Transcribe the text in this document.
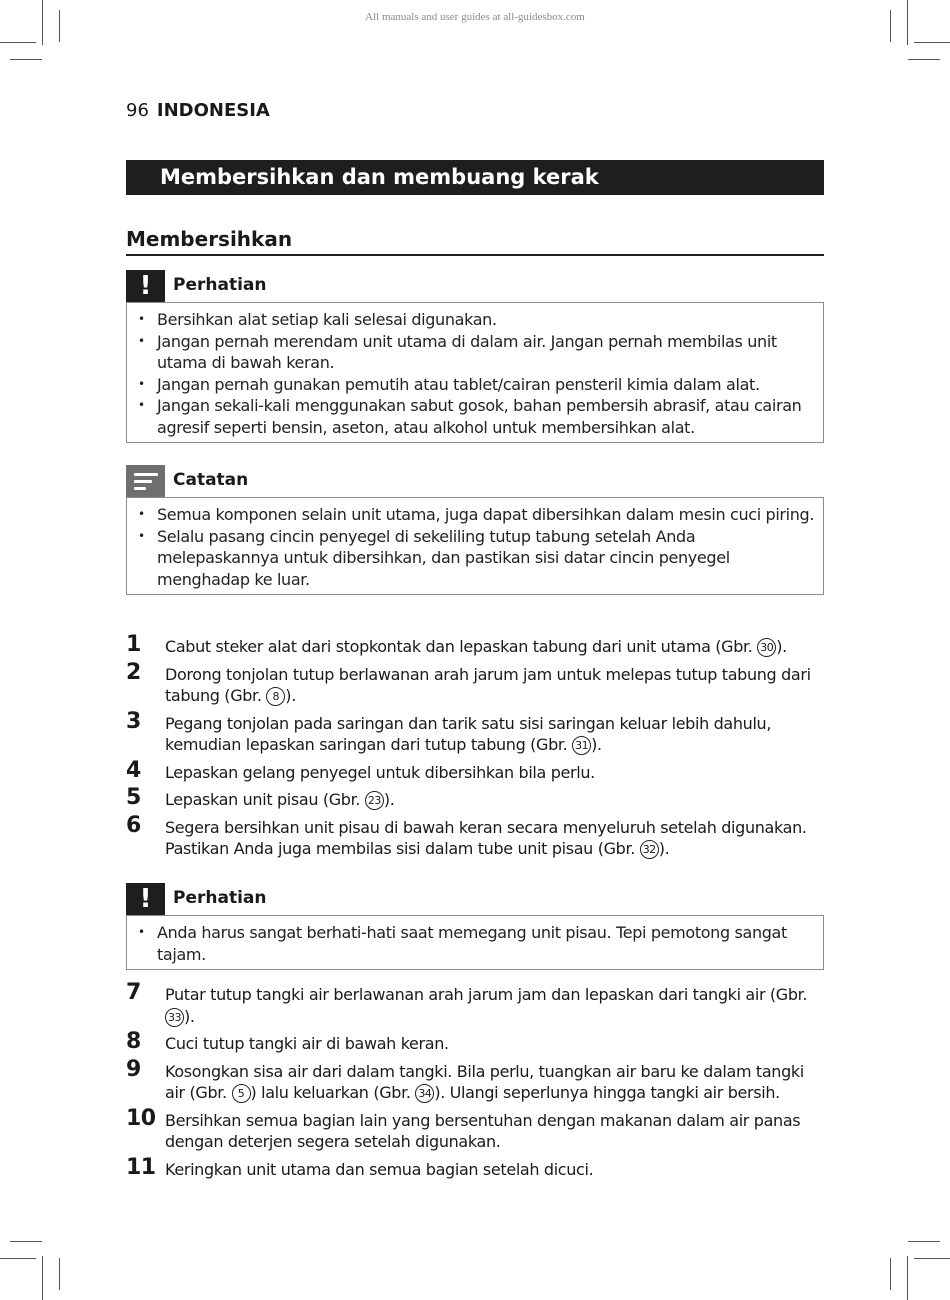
All manuals and user guides at all-guidesbox.com
96 INDONESIA
Membersihkan dan membuang kerak
Membersihkan
!	Perhatian
• Bersihkan alat setiap kali selesai digunakan.
• Jangan pernah merendam unit utama di dalam air. Jangan pernah membilas unit utama di bawah keran.
• Jangan pernah gunakan pemutih atau tablet/cairan pensteril kimia dalam alat.
• Jangan sekali-kali menggunakan sabut gosok, bahan pembersih abrasif, atau cairan agresif seperti bensin, aseton, atau alkohol untuk membersihkan alat.
Catatan
• Semua komponen selain unit utama, juga dapat dibersihkan dalam mesin cuci piring.
• Selalu pasang cincin penyegel di sekeliling tutup tabung setelah Anda melepaskannya untuk dibersihkan, dan pastikan sisi datar cincin penyegel menghadap ke luar.
1 Cabut steker alat dari stopkontak dan lepaskan tabung dari unit utama (Gbr. 30 ).
2 Dorong tonjolan tutup berlawanan arah jarum jam untuk melepas tutup tabung dari tabung (Gbr. 8 ).
3 Pegang tonjolan pada saringan dan tarik satu sisi saringan keluar lebih dahulu, kemudian lepaskan saringan dari tutup tabung (Gbr. 31 ).
4 Lepaskan gelang penyegel untuk dibersihkan bila perlu.
5 Lepaskan unit pisau (Gbr. 23 ).
6 Segera bersihkan unit pisau di bawah keran secara menyeluruh setelah digunakan. Pastikan Anda juga membilas sisi dalam tube unit pisau (Gbr. 32 ).
!	Perhatian
• Anda harus sangat berhati-hati saat memegang unit pisau. Tepi pemotong sangat tajam.
7 Putar tutup tangki air berlawanan arah jarum jam dan lepaskan dari tangki air (Gbr. 33 ).
8 Cuci tutup tangki air di bawah keran.
9 Kosongkan sisa air dari dalam tangki. Bila perlu, tuangkan air baru ke dalam tangki air (Gbr. 5 ) lalu keluarkan (Gbr. 34 ). Ulangi seperlunya hingga tangki air bersih.
10 Bersihkan semua bagian lain yang bersentuhan dengan makanan dalam air panas dengan deterjen segera setelah digunakan.
11 Keringkan unit utama dan semua bagian setelah dicuci.
